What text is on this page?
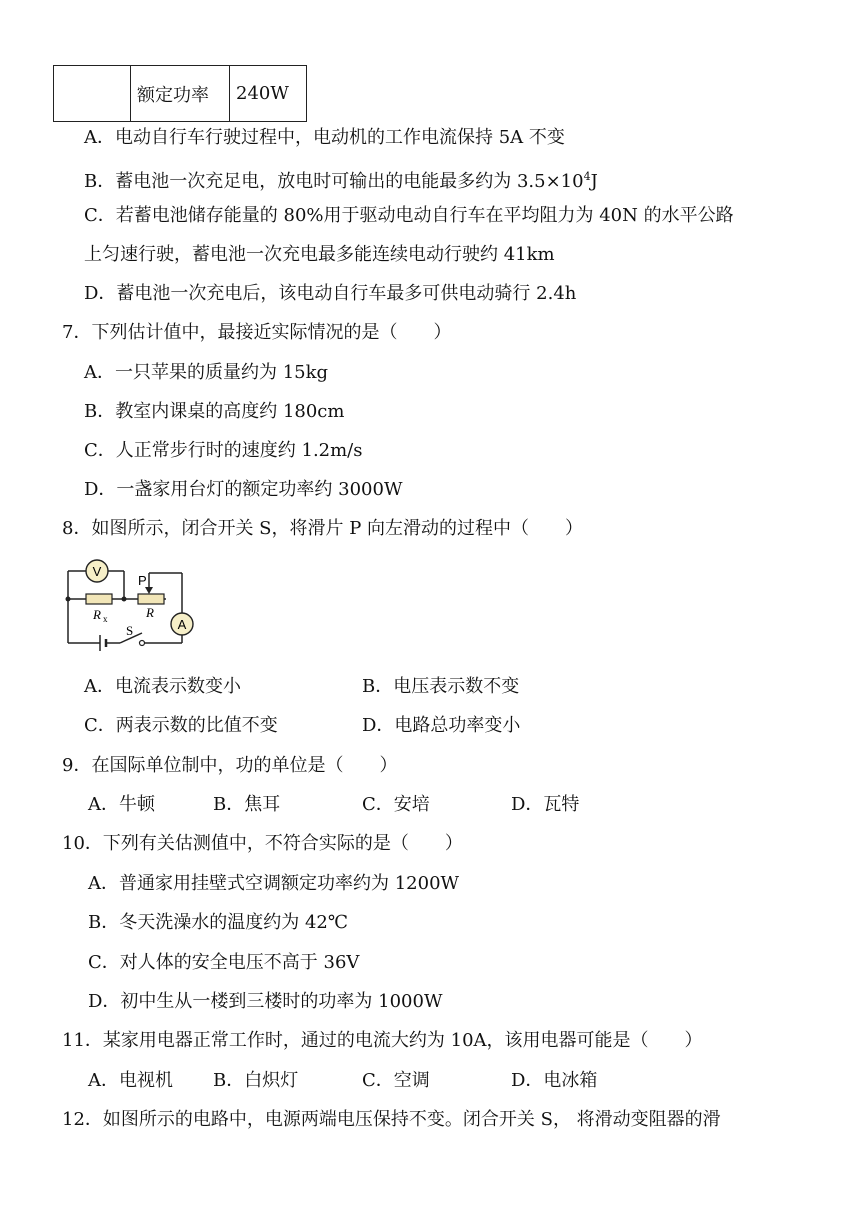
	额定功率	240W
A．电动自行车行驶过程中，电动机的工作电流保持 5A 不变
B．蓄电池一次充足电，放电时可输出的电能最多约为 $3.5\times 10^4J$
C．若蓄电池储存能量的 80%用于驱动电动自行车在平均阻力为 40N 的水平公路
上匀速行驶，蓄电池一次充电最多能连续电动行驶约 41km
D．蓄电池一次充电后，该电动自行车最多可供电动骑行 2.4h
7．下列估计值中，最接近实际情况的是（　　）
A．一只苹果的质量约为 15kg
B．教室内课桌的高度约 180cm
C．人正常步行时的速度约 1.2m/s
D．一盏家用台灯的额定功率约 3000W
8．如图所示，闭合开关 S，将滑片 P 向左滑动的过程中（　　）
V
A
P
R x	R
S
A．电流表示数变小	B．电压表示数不变
C．两表示数的比值不变	D．电路总功率变小
9．在国际单位制中，功的单位是（　　）
A．牛顿	B．焦耳	C．安培	D．瓦特
10．下列有关估测值中，不符合实际的是（　　）
A．普通家用挂壁式空调额定功率约为 1200W
B．冬天洗澡水的温度约为 42℃
C．对人体的安全电压不高于 36V
D．初中生从一楼到三楼时的功率为 1000W
11．某家用电器正常工作时，通过的电流大约为 10A，该用电器可能是（　　）
A．电视机 B．白炽灯	C．空调	D．电冰箱
12．如图所示的电路中，电源两端电压保持不变。闭合开关 S， 将滑动变阻器的滑
